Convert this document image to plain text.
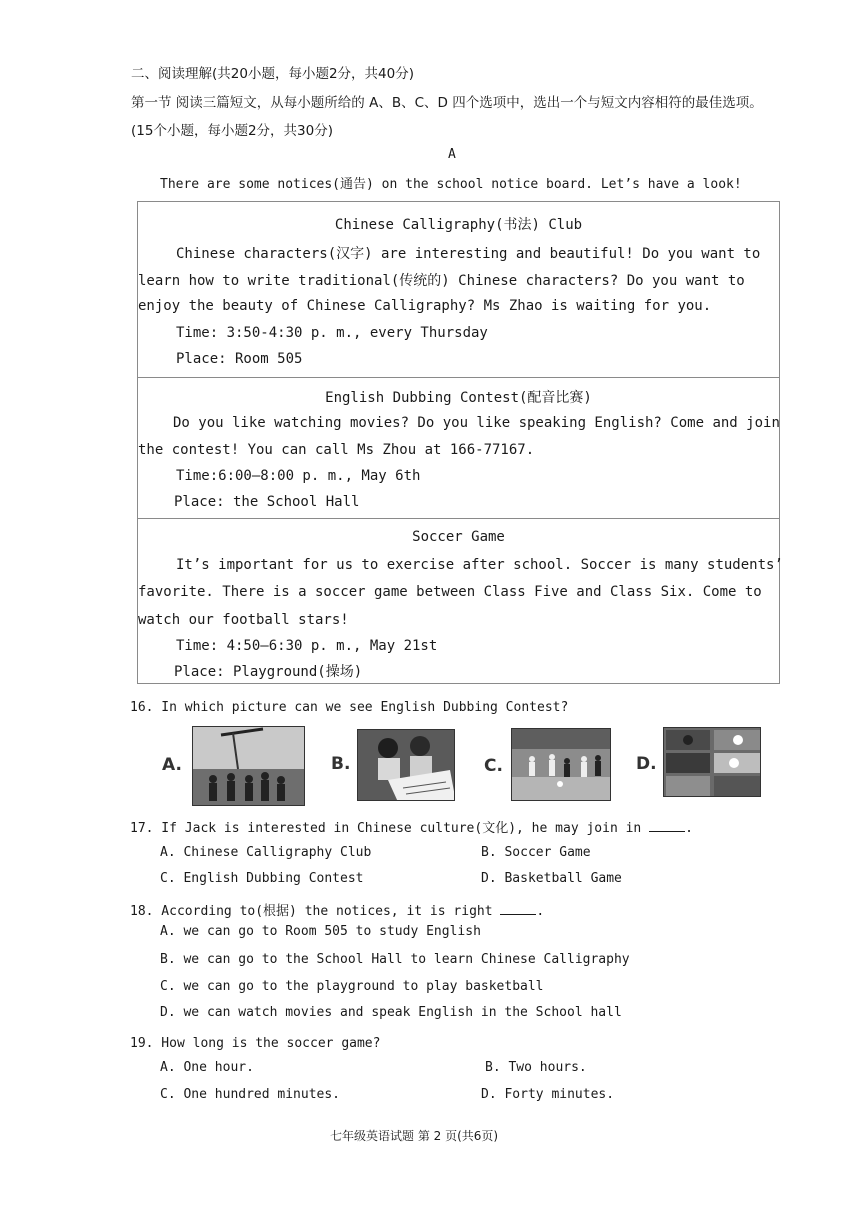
二、阅读理解(共20小题，每小题2分，共40分)
第一节 阅读三篇短文，从每小题所给的 A、B、C、D 四个选项中，选出一个与短文内容相符的最佳选项。
(15个小题，每小题2分，共30分)
A
There are some notices(通告) on the school notice board. Let’s have a look!
Chinese Calligraphy(书法) Club
Chinese characters(汉字) are interesting and beautiful! Do you want to
learn how to write traditional(传统的) Chinese characters? Do you want to
enjoy the beauty of Chinese Calligraphy? Ms Zhao is waiting for you.
Time: 3:50-4:30 p. m., every Thursday
Place: Room 505
English Dubbing Contest(配音比赛)
Do you like watching movies? Do you like speaking English? Come and join
the contest! You can call Ms Zhou at 166-77167.
Time:6:00—8:00 p. m., May 6th
Place: the School Hall
Soccer Game
It’s important for us to exercise after school. Soccer is many students’
favorite. There is a soccer game between Class Five and Class Six. Come to
watch our football stars!
Time: 4:50—6:30 p. m., May 21st
Place: Playground(操场)
16. In which picture can we see English Dubbing Contest?
A.	B.	C.	D.
17. If Jack is interested in Chinese culture(文化), he may join in	.
A. Chinese Calligraphy Club	B. Soccer Game
C. English Dubbing Contest	D. Basketball Game
18. According to(根据) the notices, it is right	.
A. we can go to Room 505 to study English
B. we can go to the School Hall to learn Chinese Calligraphy
C. we can go to the playground to play basketball
D. we can watch movies and speak English in the School hall
19. How long is the soccer game?
A. One hour.	B. Two hours.
C. One hundred minutes.	D. Forty minutes.
七年级英语试题 第 2 页(共6页)
